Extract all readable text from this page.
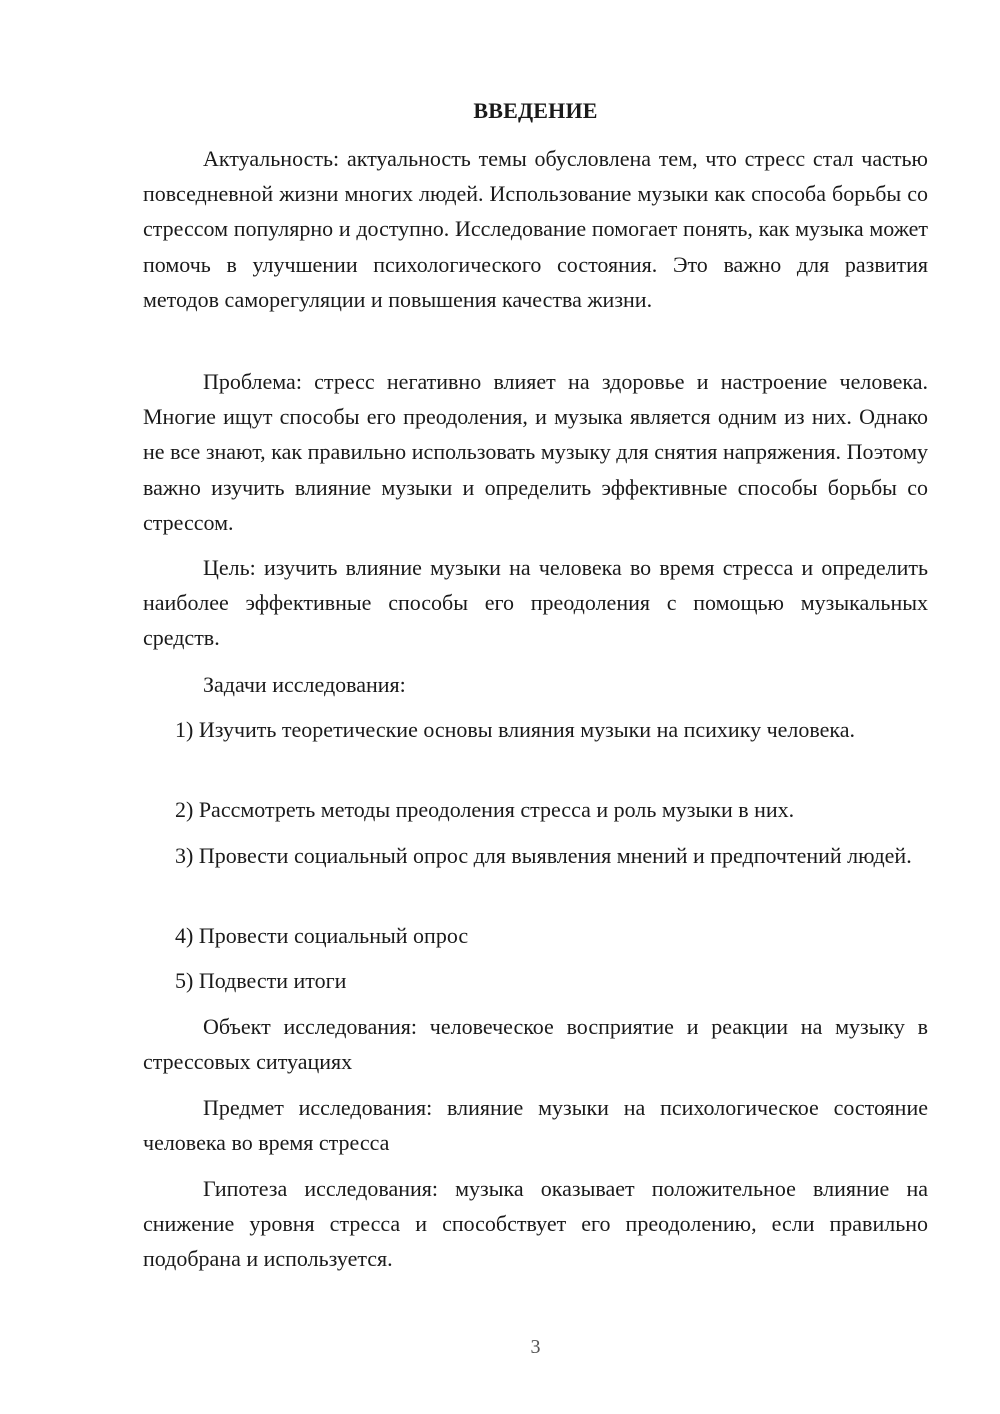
ВВЕДЕНИЕ

Актуальность: актуальность темы обусловлена тем, что стресс стал частью повседневной жизни многих людей. Использование музыки как способа борьбы со стрессом популярно и доступно. Исследование помогает понять, как музыка может помочь в улучшении психологического состояния. Это важно для развития методов саморегуляции и повышения качества жизни.

Проблема: стресс негативно влияет на здоровье и настроение человека. Многие ищут способы его преодоления, и музыка является одним из них. Однако не все знают, как правильно использовать музыку для снятия напряжения. Поэтому важно изучить влияние музыки и определить эффективные способы борьбы со стрессом.

Цель: изучить влияние музыки на человека во время стресса и определить наиболее эффективные способы его преодоления с помощью музыкальных средств.

Задачи исследования:

1) Изучить теоретические основы влияния музыки на психику человека.

2) Рассмотреть методы преодоления стресса и роль музыки в них.

3) Провести социальный опрос для выявления мнений и предпочтений людей.

4) Провести социальный опрос

5) Подвести итоги

Объект исследования: человеческое восприятие и реакции на музыку в стрессовых ситуациях

Предмет исследования: влияние музыки на психологическое состояние человека во время стресса

Гипотеза исследования: музыка оказывает положительное влияние на снижение уровня стресса и способствует его преодолению, если правильно подобрана и используется.

3
